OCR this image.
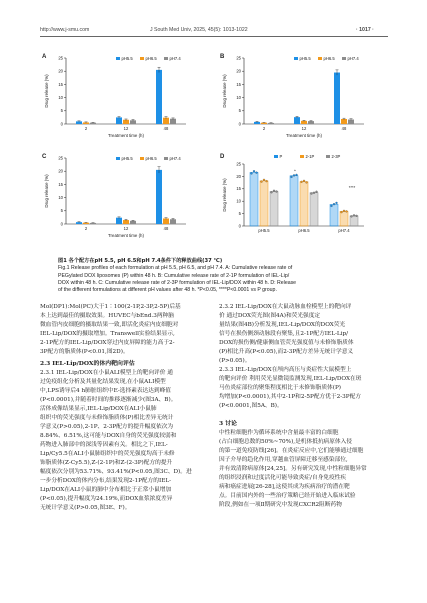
http://www.j-smu.com	J South Med Univ, 2025, 45(5): 1013-1022	· 1017 ·
A
0
5
10
15
20
25
2	12	48
Treatment time (h)
Drug release (%)
pH5.5	pH6.5	pH7.4	B
0
5
10
15
20
25
2	12	48
Treatment time (h)
Drug release (%)
pH5.5	pH6.5	pH7.4
C
0
5
10
15
20
25
2	12	48
Treatment time (h)
Drug release (%)
pH5.5	pH6.5	pH7.4	D
0
5
10
15
20
25
pH5.5	pH6.5	pH7.4
*
****
Drug release (%)
P	2-1P	2-3P
图1 各个配方在pH 5.5, pH 6.5和pH 7.4条件下的释放曲线(37 ℃)
Fig.1 Release profiles of each formulation at pH 5.5, pH 6.5, and pH 7.4. A: Cumulative release rate of
PEGylated DOX liposomes (P) within 48 h. B: Cumulative release rate of 2-1P formulation of IEL-Lip/
DOX within 48 h. C: Cumulative release rate of 2-3P formulation of IEL-Lip/DOX within 48 h. D: Release
of the different formulations at different pH values after 48 h. *P<0.05, ****P<0.0001 vs P group.

Mol(DP1):Mol(PC)大于1∶100(2-1P,2-3P,2-5P)后基

本上达到最佳的摄取效果。HUVEC与bEnd.3两种脑

微血管内皮细胞的摄取结果一致,即活化炎症内皮细胞对

IEL-Lip/DOX的摄取增加。Transwell实验结果显示,

2-1P配方的IEL-Lip/DOX穿过内皮屏障的能力高于2-

3P配方的脂质体(P<0.01,图2D)。

2.3 IEL-Lip/DOX的体内靶向评估

2.3.1 IEL-Lip/DOX在小鼠ALI模型上的靶向评价 通

过免疫组化分析及其量化结果发现,在小鼠ALI模型

中,LPS诱导后4 h肺脏组织中E-选择素表达达到峰值

(P<0.0001),并随着时间的推移逐渐减少(图3A、B)。

活体成像结果显示,IEL-Lip/DOX在ALI小鼠肺

组织中的荧光强度与未修饰脂质体(P)相比差异无统计

学意义(P>0.05),2-1P、2-3P配方的提升幅度依次为

8.84%、6.51%,这可能与DOX自身的荧光强度较弱和

药物进入肺部中的深浅等因素有关。相比之下,IEL-

Lip/Cy5.5在ALI小鼠肺组织中的荧光强度均高于未修

饰脂质体(Z-Cy5.5),Z-(2-1P)和Z-(2-3P)配方的提升

幅度依次分别为53.71%、93.41%(P<0.05,图3C、D)。进

一步分析DOX的体内分布,结果发现2-1P配方的IEL-

Lip/DOX在ALI小鼠的肺中分布相比于正常小鼠增加

(P<0.05),提升幅度为24.19%,而DOX血浆浓度差异

无统计学意义(P>0.05,图3E、F)。

2.3.2 IEL-Lip/DOX在大鼠动脉血栓模型上的靶向评

价 通过DOX荧光图(图4A)和荧光强度定

量结果(图4B)分析发现,IEL-Lip/DOX的DOX荧光

信号在损伤侧颈动脉段有聚集,且2-1P配方IEL-Lip/

DOX的损伤侧/健康侧血管荧光强度值与未修饰脂质体

(P)相比升高(P<0.05),而2-3P配方差异无统计学意义

(P>0.05)。

2.3.3 IEL-Lip/DOX在颅内高压与炎症性大鼠模型上

的靶向评价 利用荧光显微镜监测发现,IEL-Lip/DOX在斑

马鱼炎症部位的聚集程度相比于未修饰脂质体(P)

均增加(P<0.0001),其中2-1P和2-5P配方优于2-3P配方

(P<0.0001,图5A、B)。

3 讨论

中性粒细胞作为循环系统中含量最丰富的白细胞

(占白细胞总数的50%~70%),是机体抵抗病原体入侵

的第一道免疫防线[26]。在炎症反应中,它们能够通过细胞

因子介导的趋化作用,穿越血管屏障迁移至感染部位,

并有效清除病原体[24,25]。另有研究发现,中性粒细胞异常

的组织浸润和过度活化可能导致炎症/自身免疫性疾

病和癌症进展[26-28],这使其成为疾病治疗的潜在靶

点。目前国内外的一些治疗策略已经开始进入临床试验

阶段,例如在一项Ⅱ期研究中发现CXCR2阻断药物
